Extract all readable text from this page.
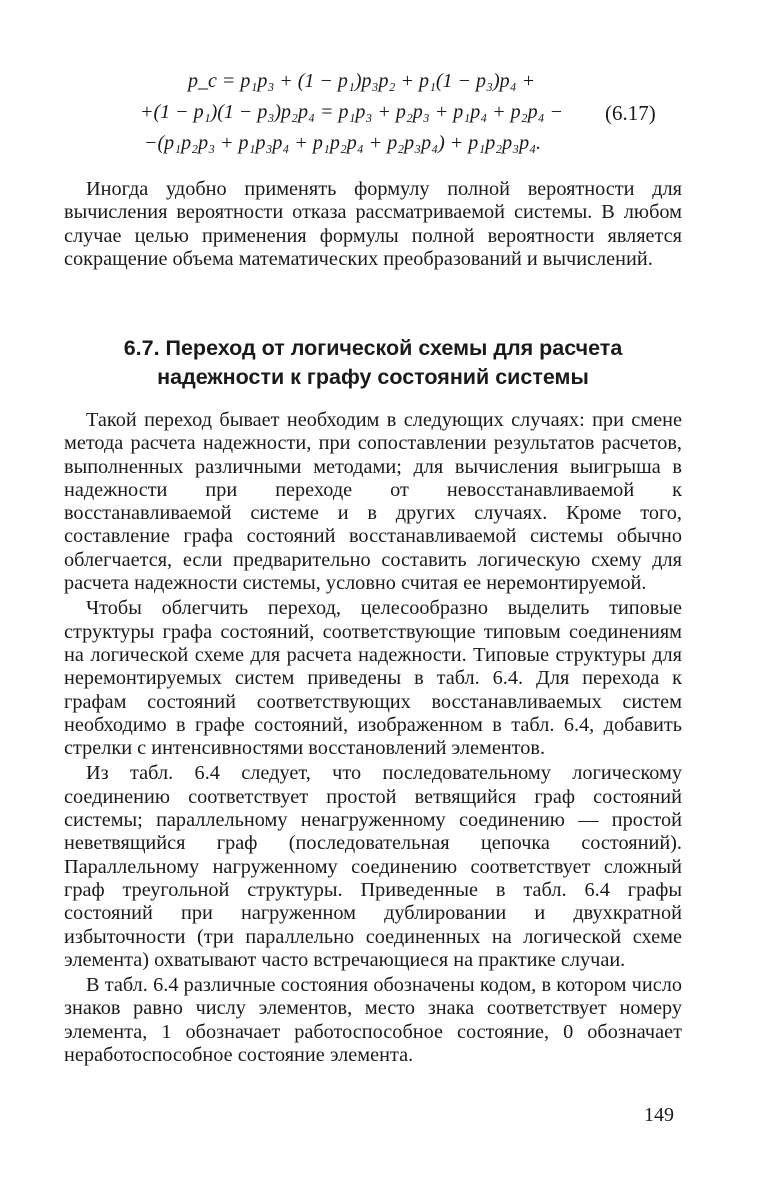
p_c = p₁p₃ + (1 − p₁)p₃p₂ + p₁(1 − p₃)p₄ +
+(1 − p₁)(1 − p₃)p₂p₄ = p₁p₃ + p₂p₃ + p₁p₄ + p₂p₄ −
−(p₁p₂p₃ + p₁p₃p₄ + p₁p₂p₄ + p₂p₃p₄) + p₁p₂p₃p₄.
(6.17)

Иногда удобно применять формулу полной вероятности для вычисления вероятности отказа рассматриваемой системы. В любом случае целью применения формулы полной вероятности является сокращение объема математических преобразований и вычислений.

6.7. Переход от логической схемы для расчета
надежности к графу состояний системы

Такой переход бывает необходим в следующих случаях: при смене метода расчета надежности, при сопоставлении результатов расчетов, выполненных различными методами; для вычисления выигрыша в надежности при переходе от невосстанавливаемой к восстанавливаемой системе и в других случаях. Кроме того, составление графа состояний восстанавливаемой системы обычно облегчается, если предварительно составить логическую схему для расчета надежности системы, условно считая ее неремонтируемой.

Чтобы облегчить переход, целесообразно выделить типовые структуры графа состояний, соответствующие типовым соединениям на логической схеме для расчета надежности. Типовые структуры для неремонтируемых систем приведены в табл. 6.4. Для перехода к графам состояний соответствующих восстанавливаемых систем необходимо в графе состояний, изображенном в табл. 6.4, добавить стрелки с интенсивностями восстановлений элементов.

Из табл. 6.4 следует, что последовательному логическому соединению соответствует простой ветвящийся граф состояний системы; параллельному ненагруженному соединению — простой неветвящийся граф (последовательная цепочка состояний). Параллельному нагруженному соединению соответствует сложный граф треугольной структуры. Приведенные в табл. 6.4 графы состояний при нагруженном дублировании и двухкратной избыточности (три параллельно соединенных на логической схеме элемента) охватывают часто встречающиеся на практике случаи.

В табл. 6.4 различные состояния обозначены кодом, в котором число знаков равно числу элементов, место знака соответствует номеру элемента, 1 обозначает работоспособное состояние, 0 обозначает неработоспособное состояние элемента.

149
